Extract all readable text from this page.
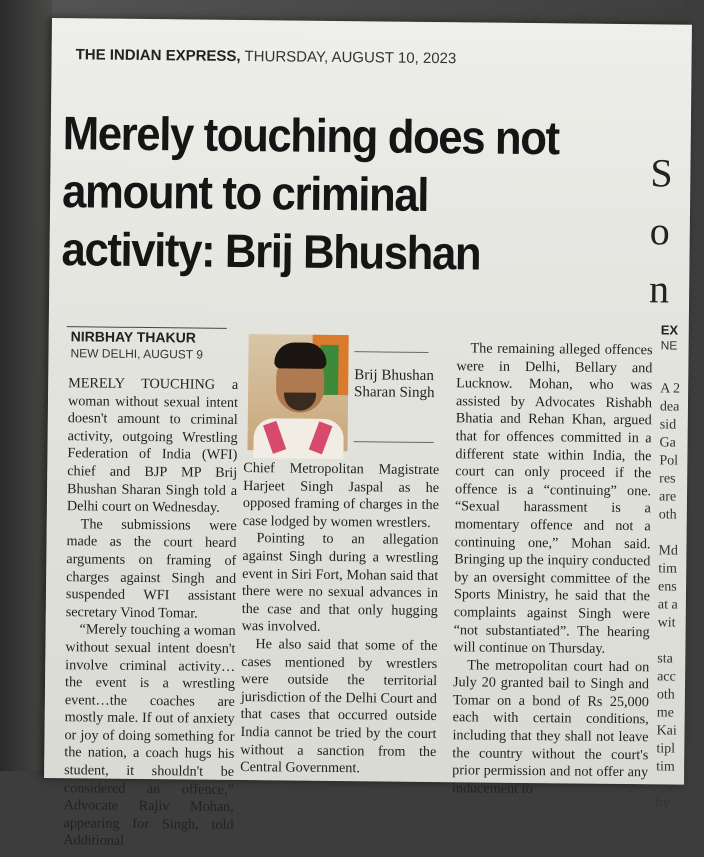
THE INDIAN EXPRESS, THURSDAY, AUGUST 10, 2023
Merely touching does not amount to criminal activity: Brij Bhushan
NIRBHAY THAKUR
NEW DELHI, AUGUST 9

MERELY TOUCHING a woman without sexual intent doesn't amount to criminal activity, outgoing Wrestling Federation of India (WFI) chief and BJP MP Brij Bhushan Sharan Singh told a Delhi court on Wednesday.

The submissions were made as the court heard arguments on framing of charges against Singh and suspended WFI assistant secretary Vinod Tomar.

“Merely touching a woman without sexual intent doesn't involve criminal activity…the event is a wrestling event…the coaches are mostly male. If out of anxiety or joy of doing something for the nation, a coach hugs his student, it shouldn't be considered an offence,” Advocate Rajiv Mohan, appearing for Singh, told Additional

Brij Bhushan Sharan Singh

Chief Metropolitan Magistrate Harjeet Singh Jaspal as he opposed framing of charges in the case lodged by women wrestlers.

Pointing to an allegation against Singh during a wrestling event in Siri Fort, Mohan said that there were no sexual advances in the case and that only hugging was involved.

He also said that some of the cases mentioned by wrestlers were outside the territorial jurisdiction of the Delhi Court and that cases that occurred outside India cannot be tried by the court without a sanction from the Central Government.

The remaining alleged offences were in Delhi, Bellary and Lucknow. Mohan, who was assisted by Advocates Rishabh Bhatia and Rehan Khan, argued that for offences committed in a different state within India, the court can only proceed if the offence is a “continuing” one. “Sexual harassment is a momentary offence and not a continuing one,” Mohan said. Bringing up the inquiry conducted by an oversight committee of the Sports Ministry, he said that the complaints against Singh were “not substantiated”. The hearing will continue on Thursday.

The metropolitan court had on July 20 granted bail to Singh and Tomar on a bond of Rs 25,000 each with certain conditions, including that they shall not leave the country without the court's prior permission and not offer any inducement to

S
o
n
EX
NE
A 2
dea
sid
Ga
Pol
res
are
oth

Md
tim
ens
at a
wit

sta
acc
oth
me
Kai
tipl
tim

by
